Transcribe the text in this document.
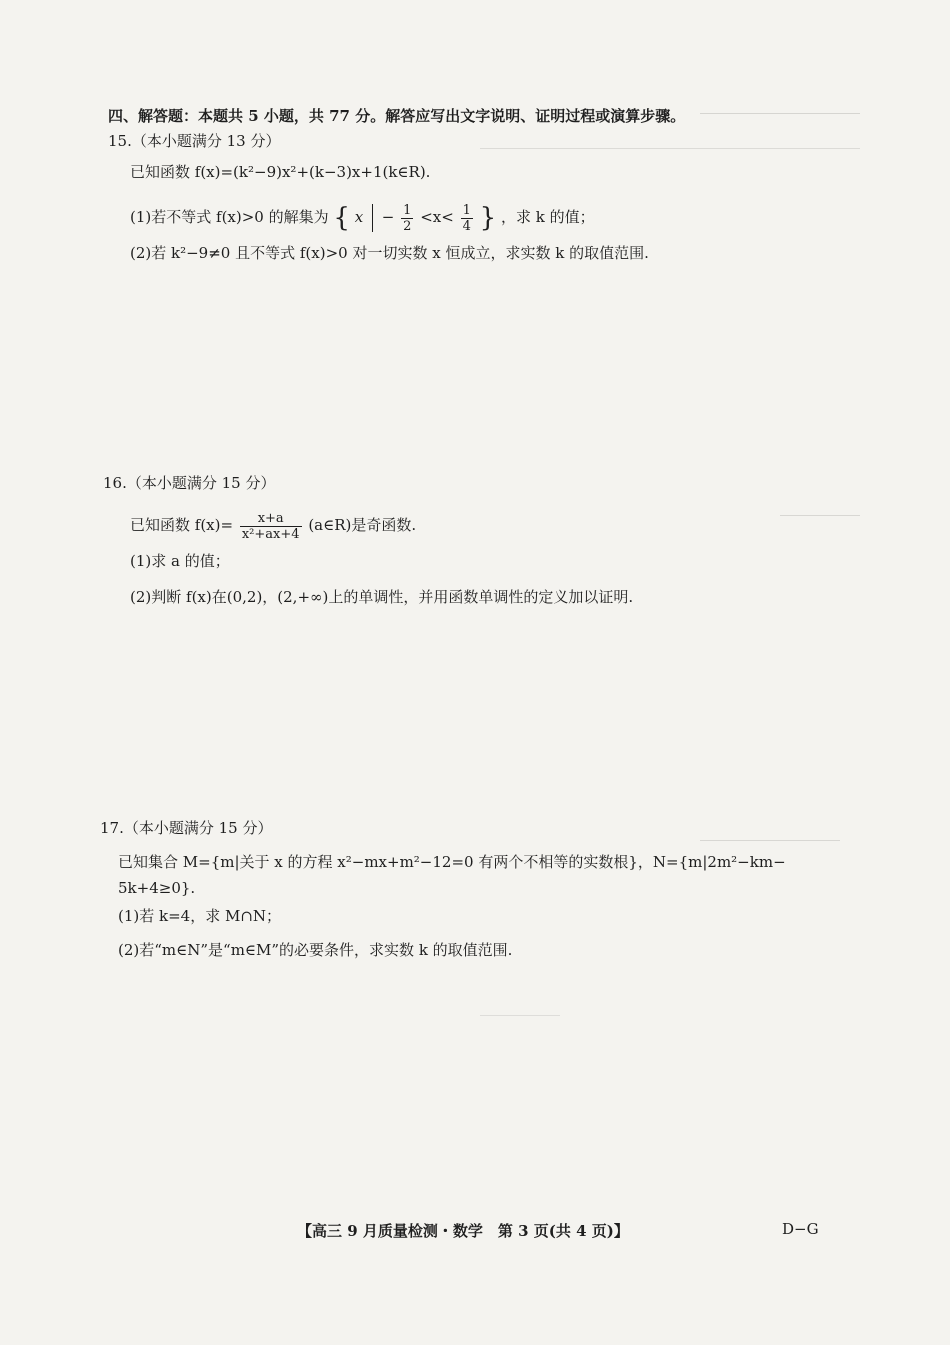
四、解答题：本题共 5 小题，共 77 分。解答应写出文字说明、证明过程或演算步骤。
15.（本小题满分 13 分）
已知函数 f(x)=(k²−9)x²+(k−3)x+1(k∈R).
(1)若不等式 f(x)>0 的解集为 { $x - \frac{1}{2} <x< \frac{1}{4}$ } ，求 k 的值；
(2)若 k²−9≠0 且不等式 f(x)>0 对一切实数 x 恒成立，求实数 k 的取值范围.
16.（本小题满分 15 分）
已知函数 $f(x)= \frac{x+a}{\text{x²+ax+4}}$ (a∈R)是奇函数.
(1)求 a 的值；
(2)判断 f(x)在(0,2)，(2,+∞)上的单调性，并用函数单调性的定义加以证明.
17.（本小题满分 15 分）
已知集合 M={m|关于 x 的方程 x²−mx+m²−12=0 有两个不相等的实数根}，N={m|2m²−km−
5k+4≥0}.
(1)若 k=4，求 M∩N；
(2)若“m∈N”是“m∈M”的必要条件，求实数 k 的取值范围.
【高三 9 月质量检测・数学　第 3 页(共 4 页)】	D−G
